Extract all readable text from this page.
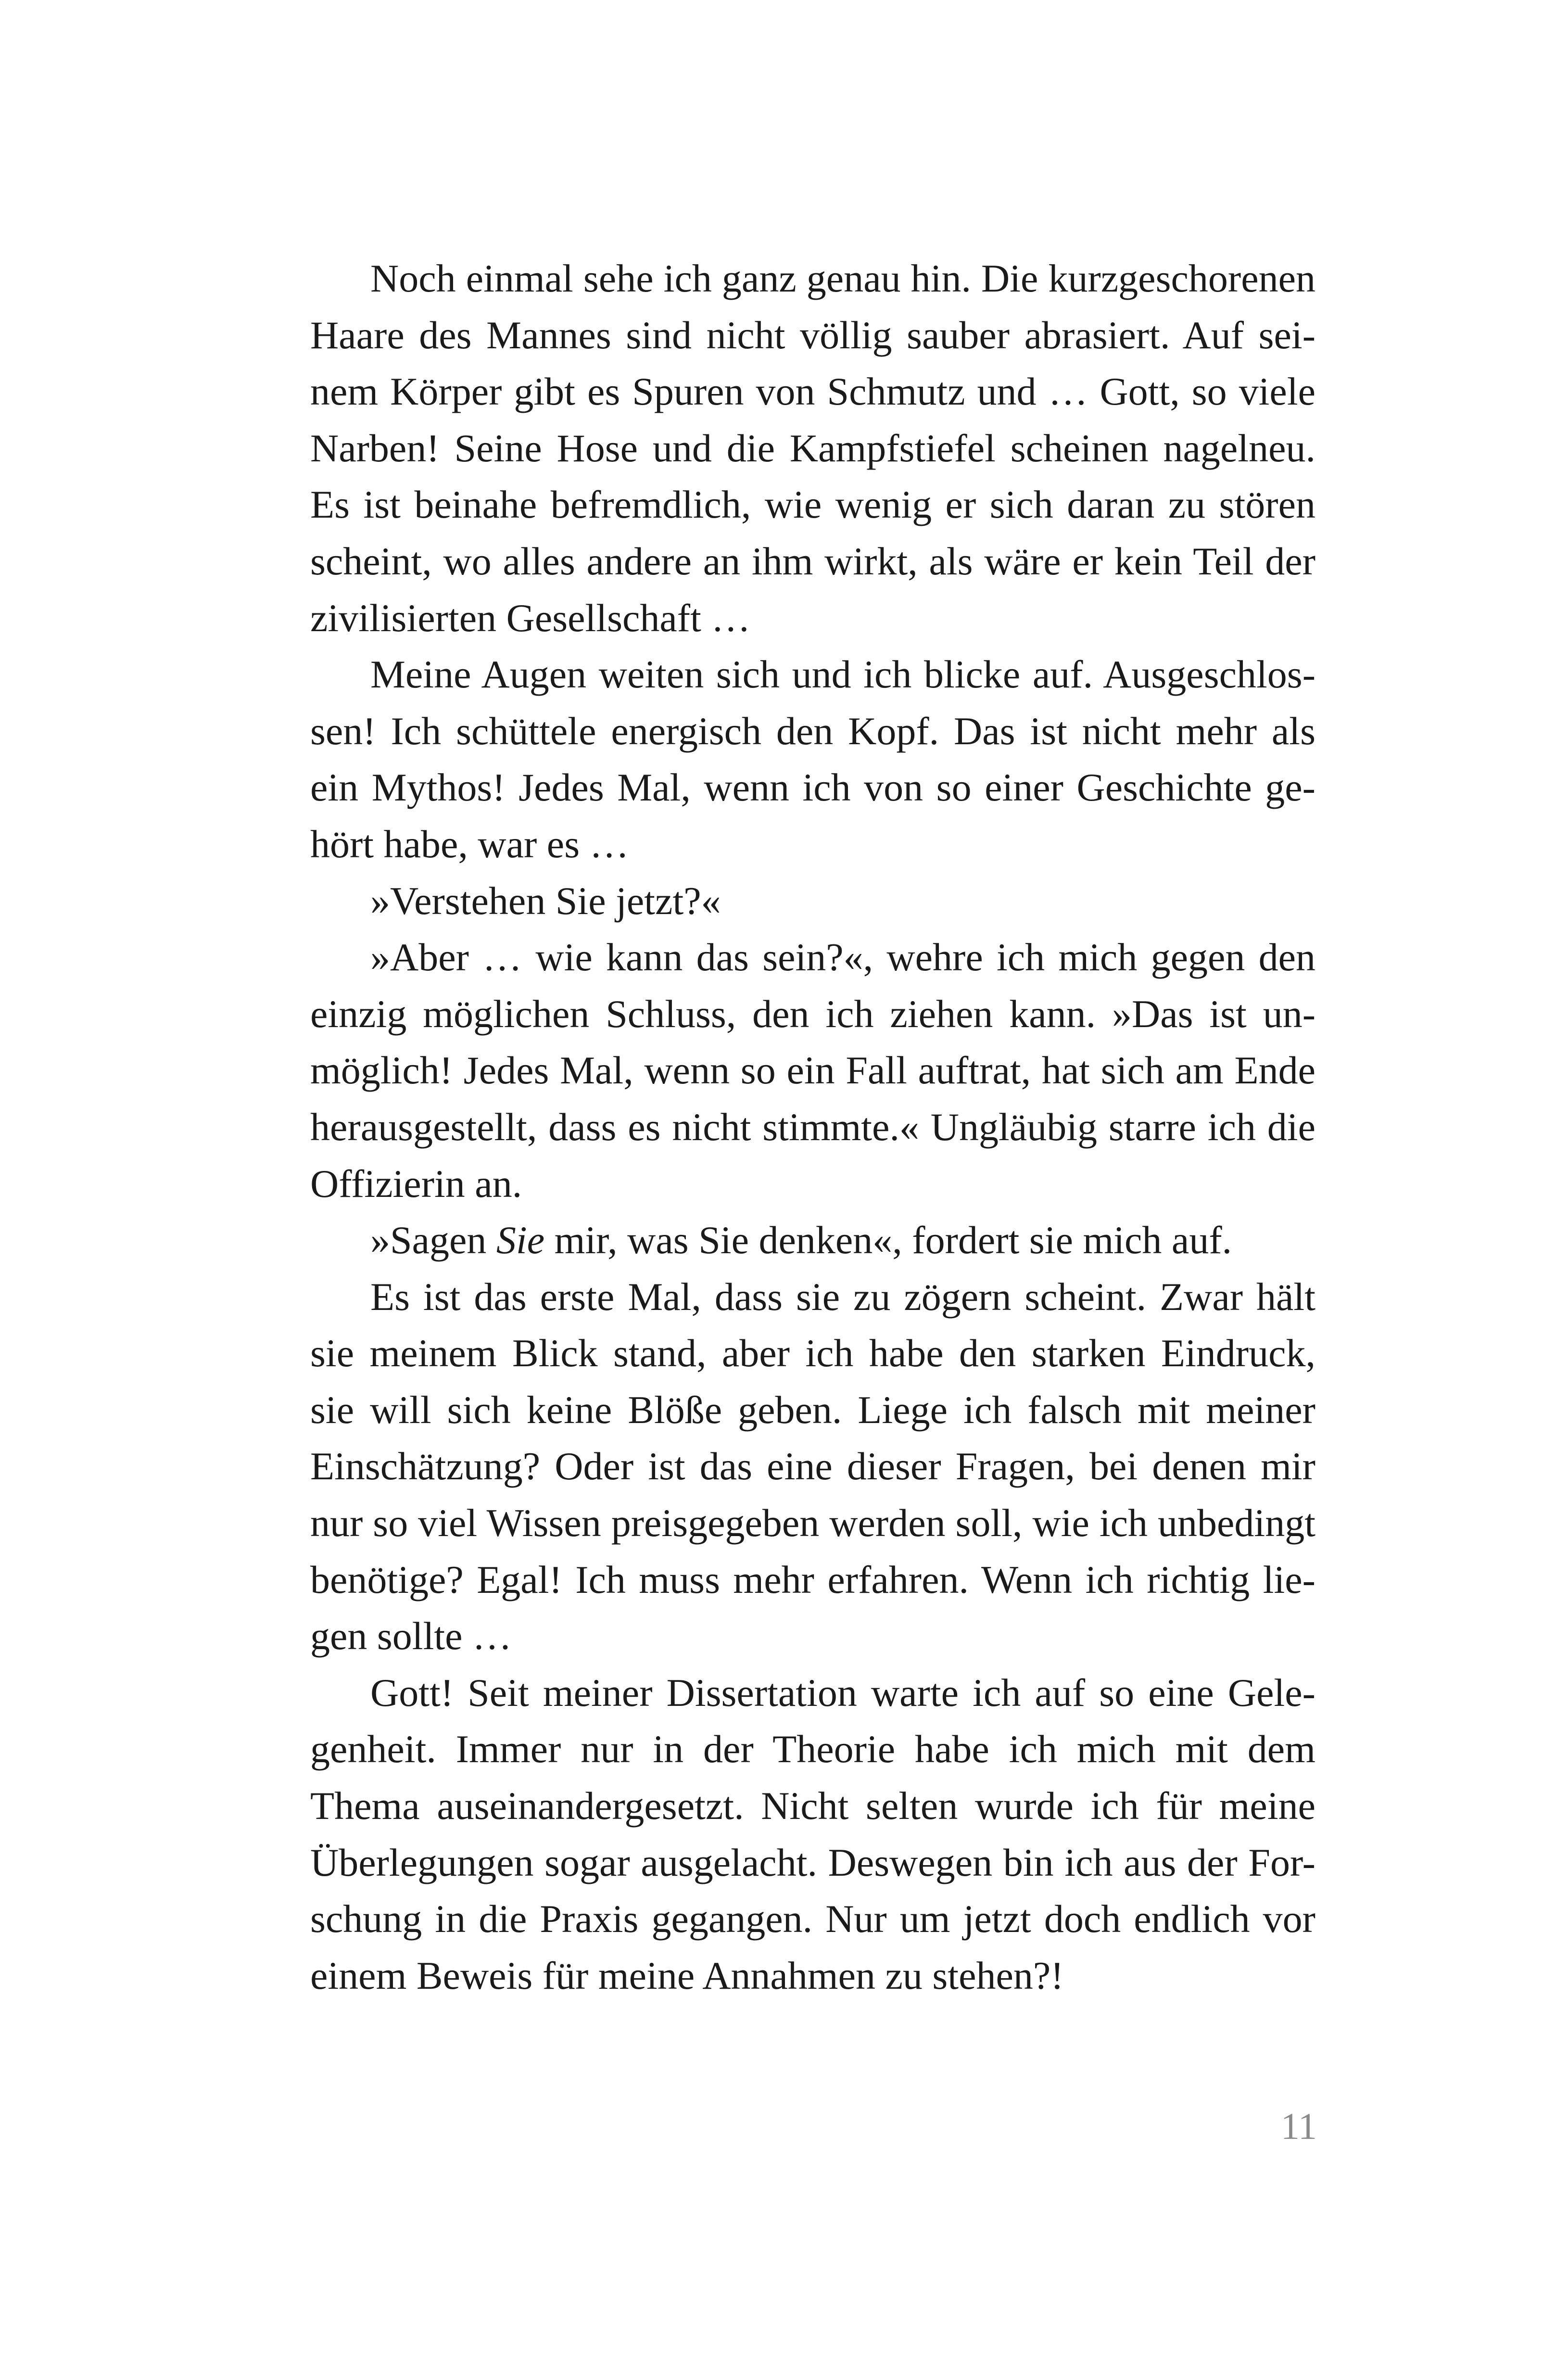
Noch einmal sehe ich ganz genau hin. Die kurzgeschorenen
Haare des Mannes sind nicht völlig sauber abrasiert. Auf sei-
nem Körper gibt es Spuren von Schmutz und … Gott, so viele
Narben! Seine Hose und die Kampfstiefel scheinen nagelneu.
Es ist beinahe befremdlich, wie wenig er sich daran zu stören
scheint, wo alles andere an ihm wirkt, als wäre er kein Teil der
zivilisierten Gesellschaft …
Meine Augen weiten sich und ich blicke auf. Ausgeschlos-
sen! Ich schüttele energisch den Kopf. Das ist nicht mehr als
ein Mythos! Jedes Mal, wenn ich von so einer Geschichte ge-
hört habe, war es …
»Verstehen Sie jetzt?«
»Aber … wie kann das sein?«, wehre ich mich gegen den
einzig möglichen Schluss, den ich ziehen kann. »Das ist un-
möglich! Jedes Mal, wenn so ein Fall auftrat, hat sich am Ende
herausgestellt, dass es nicht stimmte.« Ungläubig starre ich die
Offizierin an.
»Sagen Sie mir, was Sie denken«, fordert sie mich auf.
Es ist das erste Mal, dass sie zu zögern scheint. Zwar hält
sie meinem Blick stand, aber ich habe den starken Eindruck,
sie will sich keine Blöße geben. Liege ich falsch mit meiner
Einschätzung? Oder ist das eine dieser Fragen, bei denen mir
nur so viel Wissen preisgegeben werden soll, wie ich unbedingt
benötige? Egal! Ich muss mehr erfahren. Wenn ich richtig lie-
gen sollte …
Gott! Seit meiner Dissertation warte ich auf so eine Gele-
genheit. Immer nur in der Theorie habe ich mich mit dem
Thema auseinandergesetzt. Nicht selten wurde ich für meine
Überlegungen sogar ausgelacht. Deswegen bin ich aus der For-
schung in die Praxis gegangen. Nur um jetzt doch endlich vor
einem Beweis für meine Annahmen zu stehen?!
11
